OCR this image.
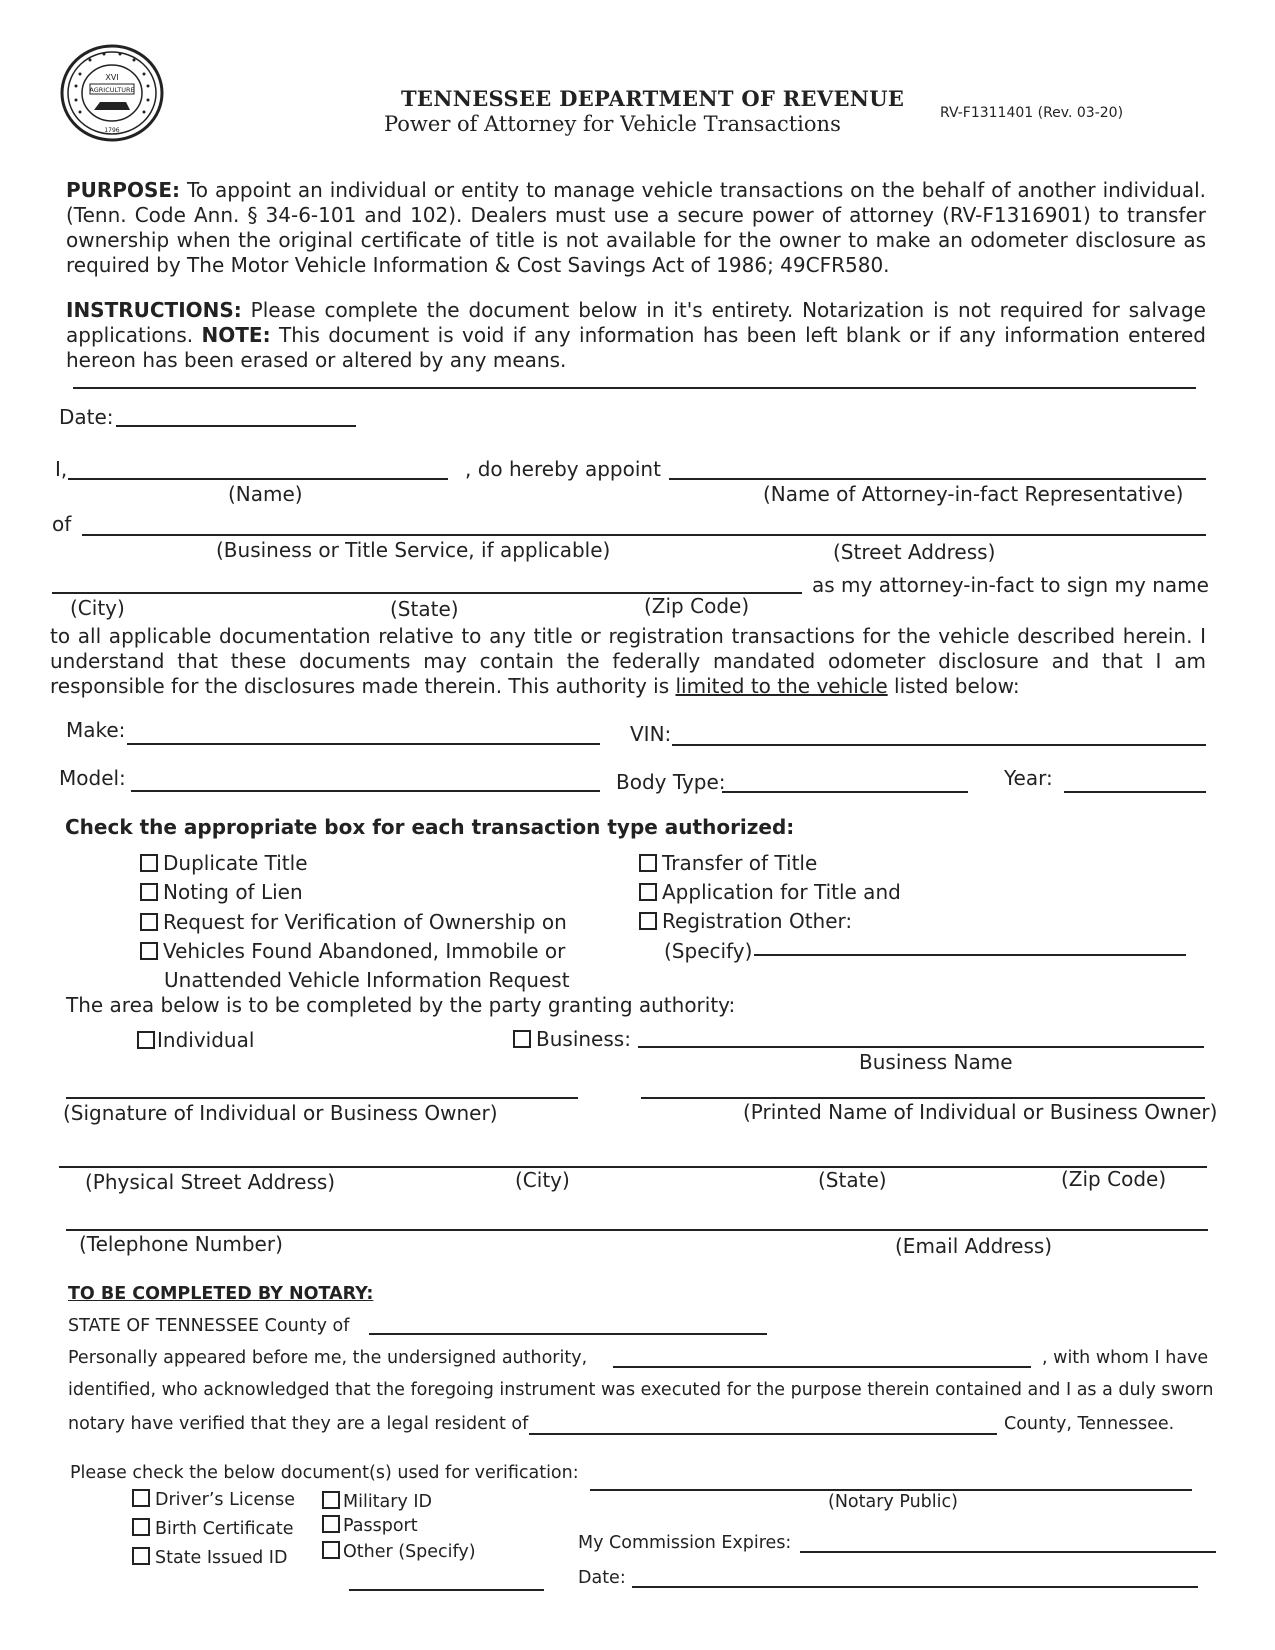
XVI
AGRICULTURE
1796
TENNESSEE DEPARTMENT OF REVENUE
Power of Attorney for Vehicle Transactions	RV-F1311401 (Rev. 03-20)
PURPOSE: To appoint an individual or entity to manage vehicle transactions on the behalf of another individual. (Tenn. Code Ann. § 34-6-101 and 102). Dealers must use a secure power of attorney (RV-F1316901) to transfer ownership when the original certificate of title is not available for the owner to make an odometer disclosure as required by The Motor Vehicle Information & Cost Savings Act of 1986; 49CFR580.
INSTRUCTIONS: Please complete the document below in it's entirety. Notarization is not required for salvage applications. NOTE: This document is void if any information has been left blank or if any information entered hereon has been erased or altered by any means.
Date:
I,	, do hereby appoint
(Name)	(Name of Attorney-in-fact Representative)
of
(Business or Title Service, if applicable)	(Street Address)
as my attorney-in-fact to sign my name
(City)	(State)	(Zip Code)
to all applicable documentation relative to any title or registration transactions for the vehicle described herein. I understand that these documents may contain the federally mandated odometer disclosure and that I am responsible for the disclosures made therein. This authority is limited to the vehicle listed below:
Make:	VIN:
Model:	Body Type:	Year:
Check the appropriate box for each transaction type authorized:
Duplicate Title
Noting of Lien
Request for Verification of Ownership on
Vehicles Found Abandoned, Immobile or
Unattended Vehicle Information Request
Transfer of Title
Application for Title and
Registration Other:
(Specify)
The area below is to be completed by the party granting authority:
Individual	Business:
Business Name
(Signature of Individual or Business Owner)	(Printed Name of Individual or Business Owner)
(Physical Street Address)	(City)	(State)	(Zip Code)
(Telephone Number)	(Email Address)
TO BE COMPLETED BY NOTARY:
STATE OF TENNESSEE County of
Personally appeared before me, the undersigned authority,	, with whom I have
identified, who acknowledged that the foregoing instrument was executed for the purpose therein contained and I as a duly sworn
notary have verified that they are a legal resident of	County, Tennessee.
Please check the below document(s) used for verification:
(Notary Public)
Driver’s License
Birth Certificate
State Issued ID
Military ID
Passport
Other (Specify)	My Commission Expires:
Date:
